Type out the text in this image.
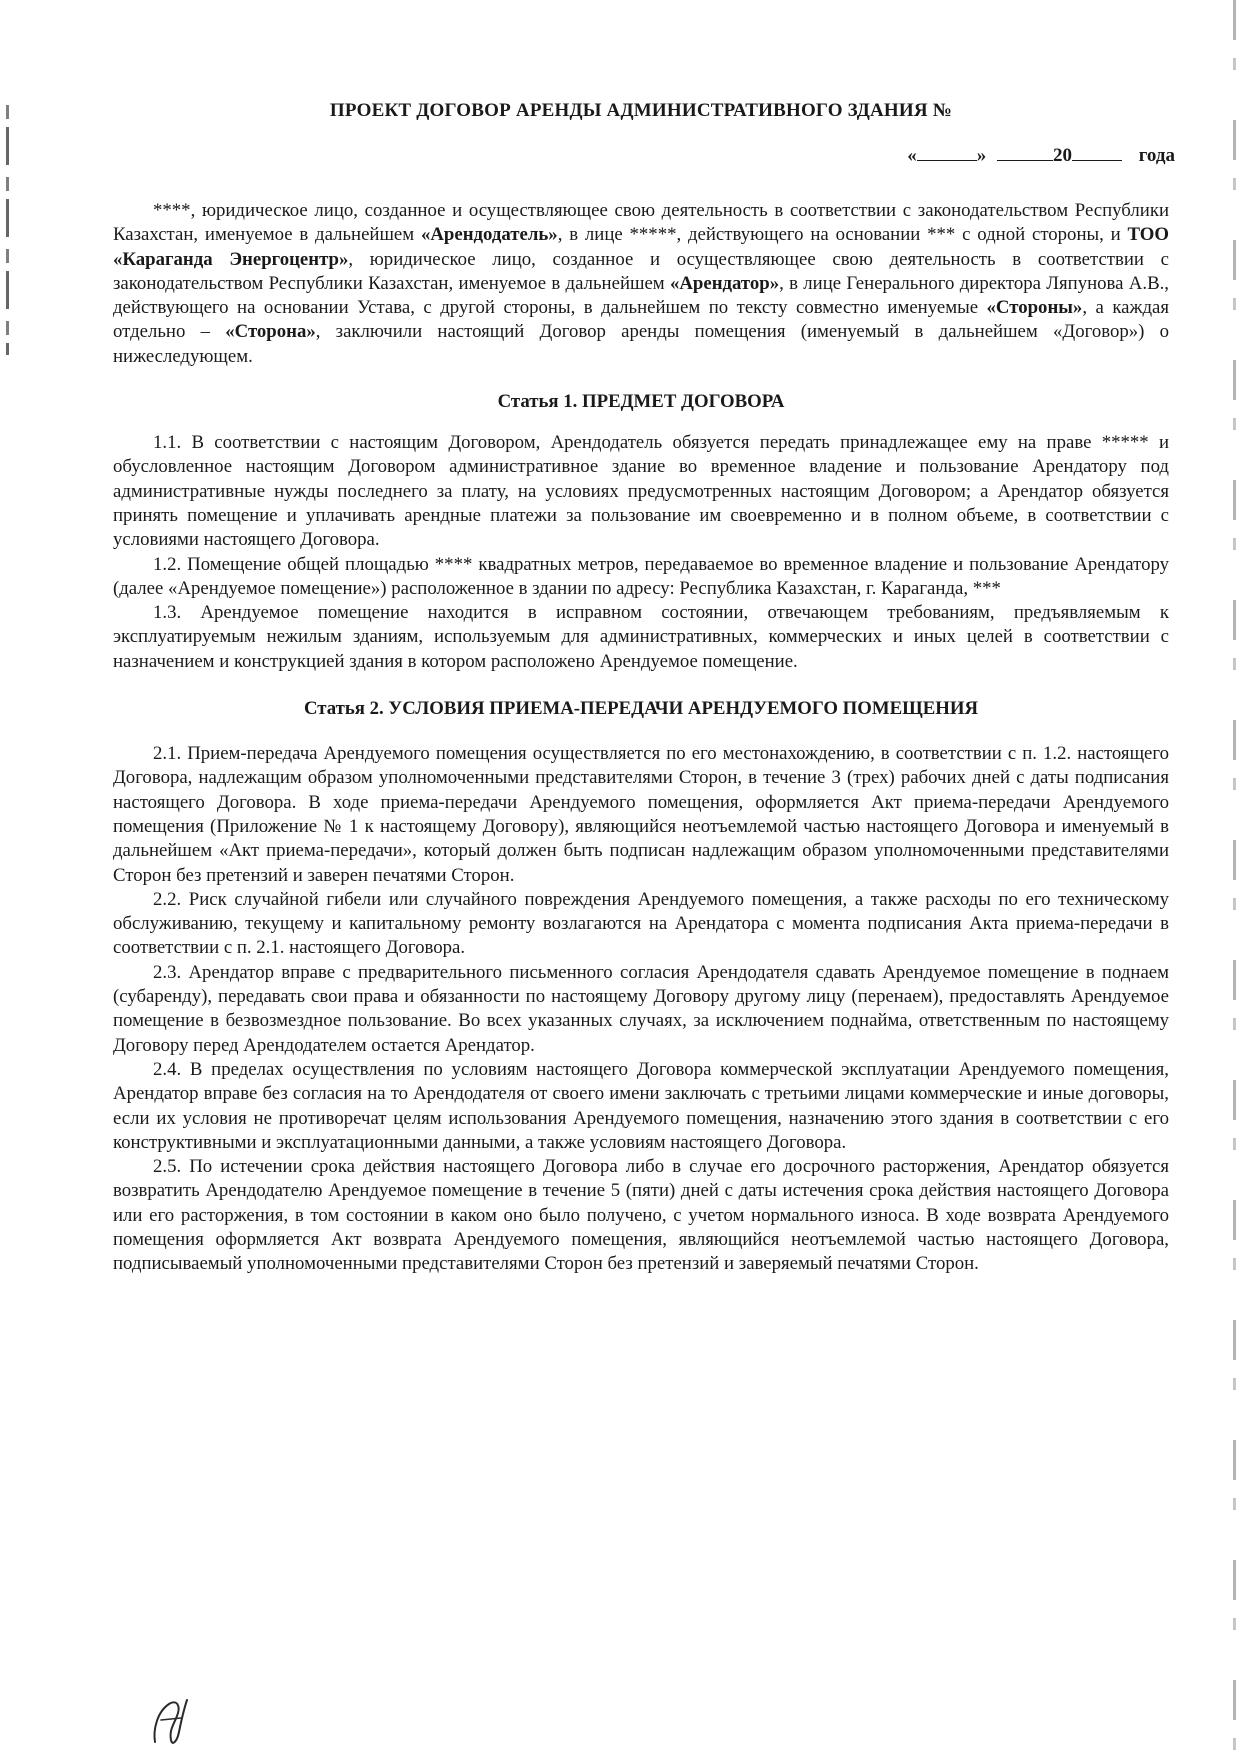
ПРОЕКТ ДОГОВОР АРЕНДЫ АДМИНИСТРАТИВНОГО ЗДАНИЯ №
«	»	20	года

****, юридическое лицо, созданное и осуществляющее свою деятельность в соответствии с законодательством Республики Казахстан, именуемое в дальнейшем «Арендодатель», в лице *****, действующего на основании *** с одной стороны, и ТОО «Караганда Энергоцентр», юридическое лицо, созданное и осуществляющее свою деятельность в соответствии с законодательством Республики Казахстан, именуемое в дальнейшем «Арендатор», в лице Генерального директора Ляпунова А.В., действующего на основании Устава, с другой стороны, в дальнейшем по тексту совместно именуемые «Стороны», а каждая отдельно – «Сторона», заключили настоящий Договор аренды помещения (именуемый в дальнейшем «Договор») о нижеследующем.

Статья 1. ПРЕДМЕТ ДОГОВОРА

1.1. В соответствии с настоящим Договором, Арендодатель обязуется передать принадлежащее ему на праве ***** и обусловленное настоящим Договором административное здание во временное владение и пользование Арендатору под административные нужды последнего за плату, на условиях предусмотренных настоящим Договором; а Арендатор обязуется принять помещение и уплачивать арендные платежи за пользование им своевременно и в полном объеме, в соответствии с условиями настоящего Договора.

1.2. Помещение общей площадью **** квадратных метров, передаваемое во временное владение и пользование Арендатору (далее «Арендуемое помещение») расположенное в здании по адресу: Республика Казахстан, г. Караганда, ***

1.3. Арендуемое помещение находится в исправном состоянии, отвечающем требованиям, предъявляемым к эксплуатируемым нежилым зданиям, используемым для административных, коммерческих и иных целей в соответствии с назначением и конструкцией здания в котором расположено Арендуемое помещение.

Статья 2. УСЛОВИЯ ПРИЕМА-ПЕРЕДАЧИ АРЕНДУЕМОГО ПОМЕЩЕНИЯ

2.1. Прием-передача Арендуемого помещения осуществляется по его местонахождению, в соответствии с п. 1.2. настоящего Договора, надлежащим образом уполномоченными представителями Сторон, в течение 3 (трех) рабочих дней с даты подписания настоящего Договора. В ходе приема-передачи Арендуемого помещения, оформляется Акт приема-передачи Арендуемого помещения (Приложение № 1 к настоящему Договору), являющийся неотъемлемой частью настоящего Договора и именуемый в дальнейшем «Акт приема-передачи», который должен быть подписан надлежащим образом уполномоченными представителями Сторон без претензий и заверен печатями Сторон.

2.2. Риск случайной гибели или случайного повреждения Арендуемого помещения, а также расходы по его техническому обслуживанию, текущему и капитальному ремонту возлагаются на Арендатора с момента подписания Акта приема-передачи в соответствии с п. 2.1. настоящего Договора.

2.3. Арендатор вправе с предварительного письменного согласия Арендодателя сдавать Арендуемое помещение в поднаем (субаренду), передавать свои права и обязанности по настоящему Договору другому лицу (перенаем), предоставлять Арендуемое помещение в безвозмездное пользование. Во всех указанных случаях, за исключением поднайма, ответственным по настоящему Договору перед Арендодателем остается Арендатор.

2.4. В пределах осуществления по условиям настоящего Договора коммерческой эксплуатации Арендуемого помещения, Арендатор вправе без согласия на то Арендодателя от своего имени заключать с третьими лицами коммерческие и иные договоры, если их условия не противоречат целям использования Арендуемого помещения, назначению этого здания в соответствии с его конструктивными и эксплуатационными данными, а также условиям настоящего Договора.

2.5. По истечении срока действия настоящего Договора либо в случае его досрочного расторжения, Арендатор обязуется возвратить Арендодателю Арендуемое помещение в течение 5 (пяти) дней с даты истечения срока действия настоящего Договора или его расторжения, в том состоянии в каком оно было получено, с учетом нормального износа. В ходе возврата Арендуемого помещения оформляется Акт возврата Арендуемого помещения, являющийся неотъемлемой частью настоящего Договора, подписываемый уполномоченными представителями Сторон без претензий и заверяемый печатями Сторон.
